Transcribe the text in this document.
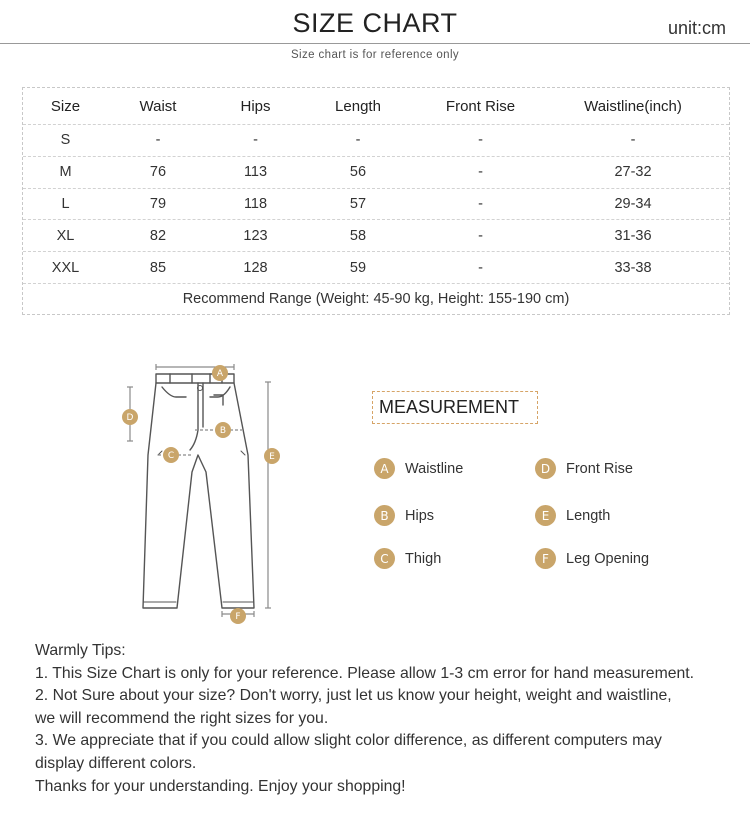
SIZE CHART	unit:cm
Size chart is for reference only
Size	Waist	Hips	Length	Front Rise	Waistline(inch)
S	-	-	-	-	-
M	76	113	56	-	27-32
L	79	118	57	-	29-34
XL	82	123	58	-	31-36
XXL	85	128	59	-	33-38
Recommend Range (Weight: 45-90 kg, Height: 155-190 cm)
A
D
B
C	E
F
MEASUREMENT
A	Waistline
B	Hips
C	Thigh
D	Front Rise
E	Length
F	Leg Opening
Warmly Tips:
1. This Size Chart is only for your reference. Please allow 1-3 cm error for hand measurement.
2. Not Sure about your size? Don't worry, just let us know your height, weight and waistline,
we will recommend the right sizes for you.
3. We appreciate that if you could allow slight color difference, as different computers may
display different colors.
Thanks for your understanding. Enjoy your shopping!
